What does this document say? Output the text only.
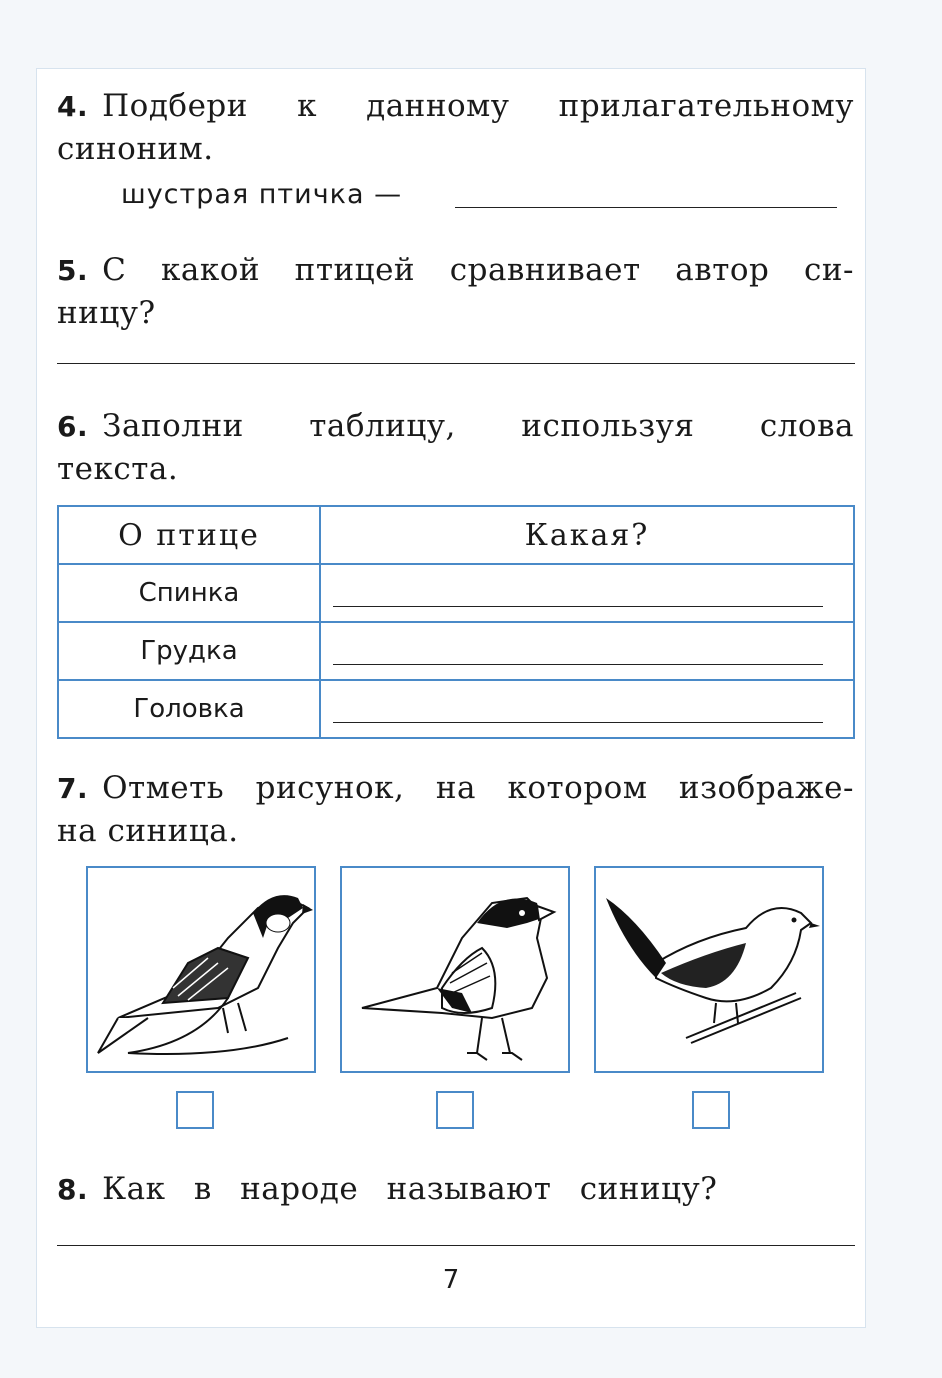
4. Подбери к данному прилагательному

синоним.

шустрая птичка —

5. С какой птицей сравнивает автор си-

ницу?

6. Заполни таблицу, используя слова

текста.

О птице	Какая?
Спинка	

Грудка	

Головка	

7. Отметь рисунок, на котором изображе-

на синица.

8. Как в народе называют синицу?

7
